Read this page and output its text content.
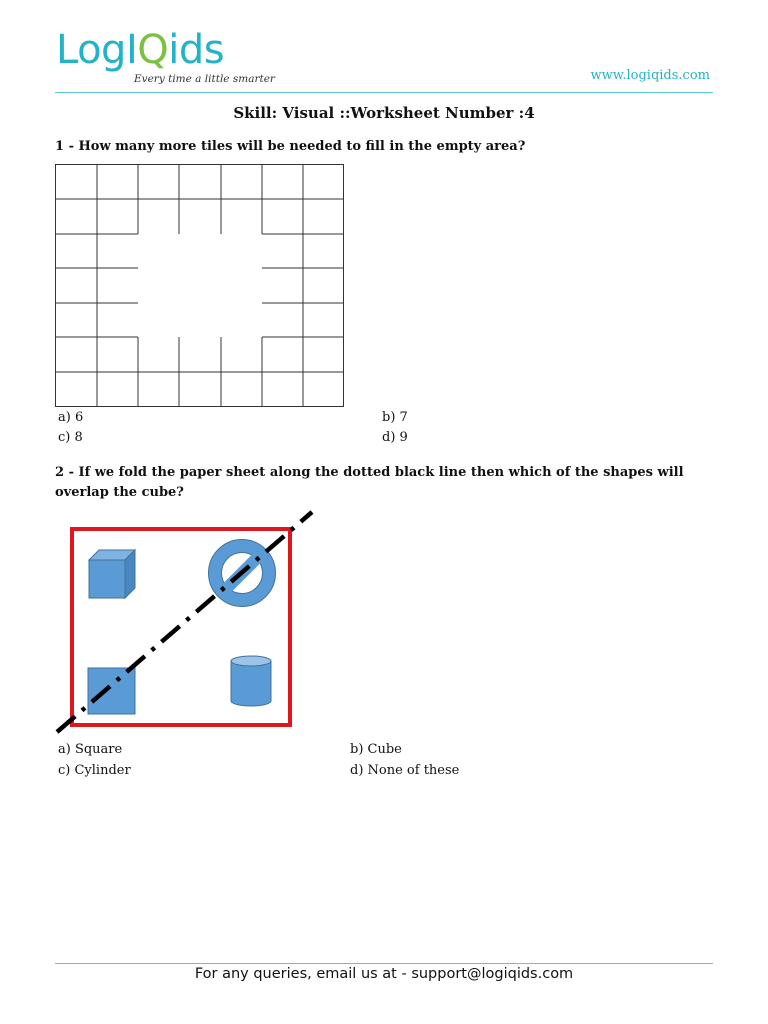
LogIQids
Every time a little smarter	www.logiqids.com
Skill: Visual ::Worksheet Number :4
1 - How many more tiles will be needed to fill in the empty area?
a) 6	b) 7
c) 8	d) 9
2 - If we fold the paper sheet along the dotted black line then which of the shapes will overlap the cube?
a) Square	b) Cube
c) Cylinder	d) None of these
For any queries, email us at - support@logiqids.com
